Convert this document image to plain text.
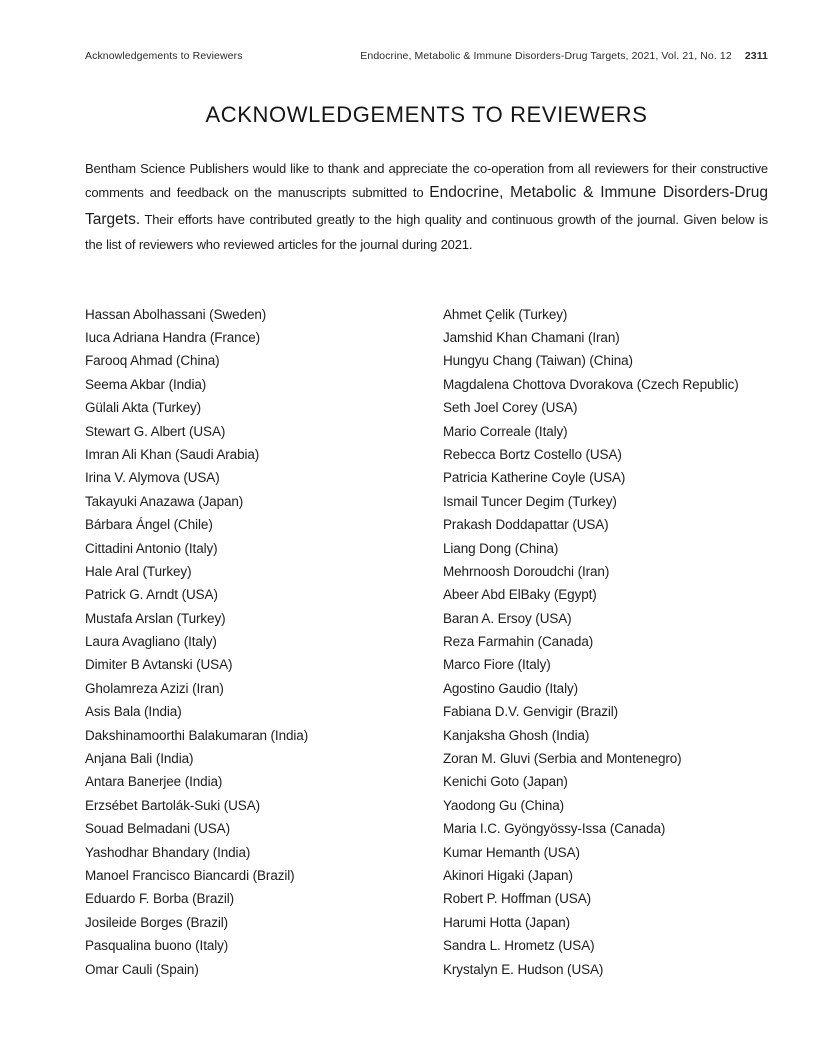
Acknowledgements to Reviewers	Endocrine, Metabolic & Immune Disorders-Drug Targets, 2021, Vol. 21, No. 12 2311
ACKNOWLEDGEMENTS TO REVIEWERS

Bentham Science Publishers would like to thank and appreciate the co-operation from all reviewers for their constructive comments and feedback on the manuscripts submitted to Endocrine, Metabolic & Immune Disorders-Drug Targets. Their efforts have contributed greatly to the high quality and continuous growth of the journal. Given below is the list of reviewers who reviewed articles for the journal during 2021.

Hassan Abolhassani (Sweden)
Iuca Adriana Handra (France)
Farooq Ahmad (China)
Seema Akbar (India)
Gülali Akta (Turkey)
Stewart G. Albert (USA)
Imran Ali Khan (Saudi Arabia)
Irina V. Alymova (USA)
Takayuki Anazawa (Japan)
Bárbara Ángel (Chile)
Cittadini Antonio (Italy)
Hale Aral (Turkey)
Patrick G. Arndt (USA)
Mustafa Arslan (Turkey)
Laura Avagliano (Italy)
Dimiter B Avtanski (USA)
Gholamreza Azizi (Iran)
Asis Bala (India)
Dakshinamoorthi Balakumaran (India)
Anjana Bali (India)
Antara Banerjee (India)
Erzsébet Bartolák-Suki (USA)
Souad Belmadani (USA)
Yashodhar Bhandary (India)
Manoel Francisco Biancardi (Brazil)
Eduardo F. Borba (Brazil)
Josileide Borges (Brazil)
Pasqualina buono (Italy)
Omar Cauli (Spain)
Ahmet Çelik (Turkey)
Jamshid Khan Chamani (Iran)
Hungyu Chang (Taiwan) (China)
Magdalena Chottova Dvorakova (Czech Republic)
Seth Joel Corey (USA)
Mario Correale (Italy)
Rebecca Bortz Costello (USA)
Patricia Katherine Coyle (USA)
Ismail Tuncer Degim (Turkey)
Prakash Doddapattar (USA)
Liang Dong (China)
Mehrnoosh Doroudchi (Iran)
Abeer Abd ElBaky (Egypt)
Baran A. Ersoy (USA)
Reza Farmahin (Canada)
Marco Fiore (Italy)
Agostino Gaudio (Italy)
Fabiana D.V. Genvigir (Brazil)
Kanjaksha Ghosh (India)
Zoran M. Gluvi (Serbia and Montenegro)
Kenichi Goto (Japan)
Yaodong Gu (China)
Maria I.C. Gyöngyössy-Issa (Canada)
Kumar Hemanth (USA)
Akinori Higaki (Japan)
Robert P. Hoffman (USA)
Harumi Hotta (Japan)
Sandra L. Hrometz (USA)
Krystalyn E. Hudson (USA)
